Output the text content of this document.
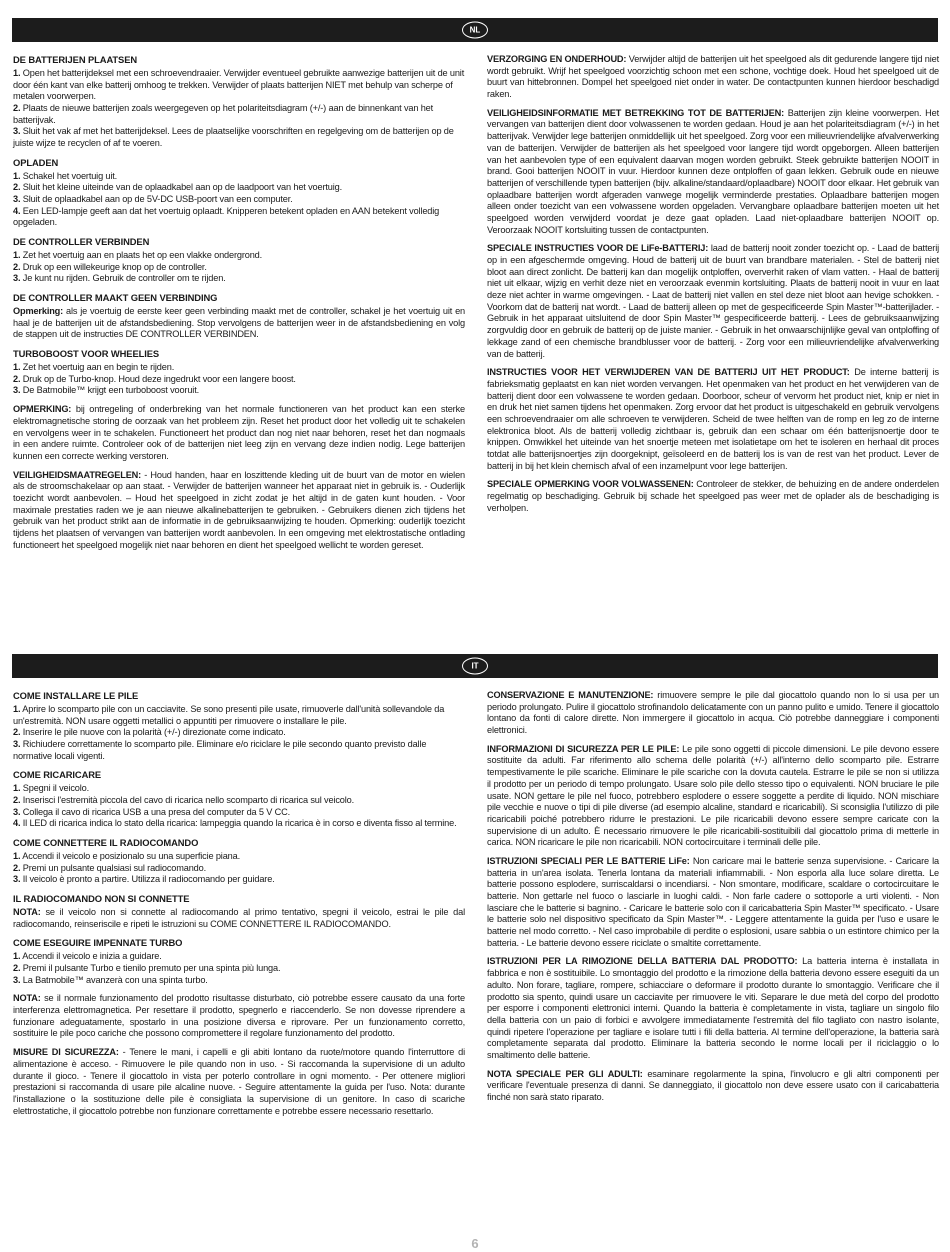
NL
DE BATTERIJEN PLAATSEN
1. Open het batterijdeksel met een schroevendraaier. Verwijder eventueel gebruikte aanwezige batterijen uit de unit door één kant van elke batterij omhoog te trekken. Verwijder of plaats batterijen NIET met behulp van scherpe of metalen voorwerpen.
2. Plaats de nieuwe batterijen zoals weergegeven op het polariteitsdiagram (+/-) aan de binnenkant van het batterijvak.
3. Sluit het vak af met het batterijdeksel. Lees de plaatselijke voorschriften en regelgeving om de batterijen op de juiste wijze te recyclen of af te voeren.
OPLADEN
1. Schakel het voertuig uit.
2. Sluit het kleine uiteinde van de oplaadkabel aan op de laadpoort van het voertuig.
3. Sluit de oplaadkabel aan op de 5V-DC USB-poort van een computer.
4. Een LED-lampje geeft aan dat het voertuig oplaadt. Knipperen betekent opladen en AAN betekent volledig opgeladen.
DE CONTROLLER VERBINDEN
1. Zet het voertuig aan en plaats het op een vlakke ondergrond.
2. Druk op een willekeurige knop op de controller.
3. Je kunt nu rijden. Gebruik de controller om te rijden.
DE CONTROLLER MAAKT GEEN VERBINDING

Opmerking: als je voertuig de eerste keer geen verbinding maakt met de controller, schakel je het voertuig uit en haal je de batterijen uit de afstandsbediening. Stop vervolgens de batterijen weer in de afstandsbediening en volg de stappen uit de instructies DE CONTROLLER VERBINDEN.

TURBOBOOST VOOR WHEELIES
1. Zet het voertuig aan en begin te rijden.
2. Druk op de Turbo-knop. Houd deze ingedrukt voor een langere boost.
3. De Batmobile™ krijgt een turboboost vooruit.

OPMERKING: bij ontregeling of onderbreking van het normale functioneren van het product kan een sterke elektromagnetische storing de oorzaak van het probleem zijn. Reset het product door het volledig uit te schakelen en vervolgens weer in te schakelen. Functioneert het product dan nog niet naar behoren, reset het dan nogmaals in een andere ruimte. Controleer ook of de batterijen niet leeg zijn en vervang deze indien nodig. Lege batterijen kunnen een correcte werking verstoren.

VEILIGHEIDSMAATREGELEN: - Houd handen, haar en loszittende kleding uit de buurt van de motor en wielen als de stroomschakelaar op aan staat. - Verwijder de batterijen wanneer het apparaat niet in gebruik is. - Ouderlijk toezicht wordt aanbevolen. – Houd het speelgoed in zicht zodat je het altijd in de gaten kunt houden. - Voor maximale prestaties raden we je aan nieuwe alkalinebatterijen te gebruiken. - Gebruikers dienen zich tijdens het gebruik van het product strikt aan de informatie in de gebruiksaanwijzing te houden. Opmerking: ouderlijk toezicht tijdens het plaatsen of vervangen van batterijen wordt aanbevolen. In een omgeving met elektrostatische ontlading functioneert het speelgoed mogelijk niet naar behoren en dient het speelgoed wellicht te worden gereset.

VERZORGING EN ONDERHOUD: Verwijder altijd de batterijen uit het speelgoed als dit gedurende langere tijd niet wordt gebruikt. Wrijf het speelgoed voorzichtig schoon met een schone, vochtige doek. Houd het speelgoed uit de buurt van hittebronnen. Dompel het speelgoed niet onder in water. De contactpunten kunnen hierdoor beschadigd raken.

VEILIGHEIDSINFORMATIE MET BETREKKING TOT DE BATTERIJEN: Batterijen zijn kleine voorwerpen. Het vervangen van batterijen dient door volwassenen te worden gedaan. Houd je aan het polariteitsdiagram (+/-) in het batterijvak. Verwijder lege batterijen onmiddellijk uit het speelgoed. Zorg voor een milieuvriendelijke afvalverwerking van de batterijen. Verwijder de batterijen als het speelgoed voor langere tijd wordt opgeborgen. Alleen batterijen van het aanbevolen type of een equivalent daarvan mogen worden gebruikt. Steek gebruikte batterijen NOOIT in brand. Gooi batterijen NOOIT in vuur. Hierdoor kunnen deze ontploffen of gaan lekken. Gebruik oude en nieuwe batterijen of verschillende typen batterijen (bijv. alkaline/standaard/oplaadbare) NOOIT door elkaar. Het gebruik van oplaadbare batterijen wordt afgeraden vanwege mogelijk verminderde prestaties. Oplaadbare batterijen mogen alleen onder toezicht van een volwassene worden opgeladen. Vervangbare oplaadbare batterijen moeten uit het speelgoed worden verwijderd voordat je deze gaat opladen. Laad niet-oplaadbare batterijen NOOIT op. Veroorzaak NOOIT kortsluiting tussen de contactpunten.

SPECIALE INSTRUCTIES VOOR DE LiFe-BATTERIJ: laad de batterij nooit zonder toezicht op. - Laad de batterij op in een afgeschermde omgeving. Houd de batterij uit de buurt van brandbare materialen. - Stel de batterij niet bloot aan direct zonlicht. De batterij kan dan mogelijk ontploffen, oververhit raken of vlam vatten. - Haal de batterij niet uit elkaar, wijzig en verhit deze niet en veroorzaak evenmin kortsluiting. Plaats de batterij nooit in vuur en laat deze niet achter in warme omgevingen. - Laat de batterij niet vallen en stel deze niet bloot aan hevige schokken. - Voorkom dat de batterij nat wordt. - Laad de batterij alleen op met de gespecificeerde Spin Master™-batterijlader. - Gebruik in het apparaat uitsluitend de door Spin Master™ gespecificeerde batterij. - Lees de gebruiksaanwijzing zorgvuldig door en gebruik de batterij op de juiste manier. - Gebruik in het onwaarschijnlijke geval van ontploffing of lekkage zand of een chemische brandblusser voor de batterij. - Zorg voor een milieuvriendelijke afvalverwerking van de batterij.

INSTRUCTIES VOOR HET VERWIJDEREN VAN DE BATTERIJ UIT HET PRODUCT: De interne batterij is fabrieksmatig geplaatst en kan niet worden vervangen. Het openmaken van het product en het verwijderen van de batterij dient door een volwassene te worden gedaan. Doorboor, scheur of vervorm het product niet, knip er niet in en druk het niet samen tijdens het openmaken. Zorg ervoor dat het product is uitgeschakeld en gebruik vervolgens een schroevendraaier om alle schroeven te verwijderen. Scheid de twee helften van de romp en leg zo de interne elektronica bloot. Als de batterij volledig zichtbaar is, gebruik dan een schaar om één batterijsnoertje door te knippen. Omwikkel het uiteinde van het snoertje meteen met isolatietape om het te isoleren en herhaal dit proces totdat alle batterijsnoertjes zijn doorgeknipt, geïsoleerd en de batterij los is van de rest van het product. Lever de batterij in bij het klein chemisch afval of een inzamelpunt voor lege batterijen.

SPECIALE OPMERKING VOOR VOLWASSENEN: Controleer de stekker, de behuizing en de andere onderdelen regelmatig op beschadiging. Gebruik bij schade het speelgoed pas weer met de oplader als de beschadiging is verholpen.

IT
COME INSTALLARE LE PILE
1. Aprire lo scomparto pile con un cacciavite. Se sono presenti pile usate, rimuoverle dall'unità sollevandole da un'estremità. NON usare oggetti metallici o appuntiti per rimuovere o installare le pile.
2. Inserire le pile nuove con la polarità (+/-) direzionate come indicato.
3. Richiudere correttamente lo scomparto pile. Eliminare e/o riciclare le pile secondo quanto previsto dalle normative locali vigenti.
COME RICARICARE
1. Spegni il veicolo.
2. Inserisci l'estremità piccola del cavo di ricarica nello scomparto di ricarica sul veicolo.
3. Collega il cavo di ricarica USB a una presa del computer da 5 V CC.
4. Il LED di ricarica indica lo stato della ricarica: lampeggia quando la ricarica è in corso e diventa fisso al termine.
COME CONNETTERE IL RADIOCOMANDO
1. Accendi il veicolo e posizionalo su una superficie piana.
2. Premi un pulsante qualsiasi sul radiocomando.
3. Il veicolo è pronto a partire. Utilizza il radiocomando per guidare.
IL RADIOCOMANDO NON SI CONNETTE

NOTA: se il veicolo non si connette al radiocomando al primo tentativo, spegni il veicolo, estrai le pile dal radiocomando, reinseriscile e ripeti le istruzioni su COME CONNETTERE IL RADIOCOMANDO.

COME ESEGUIRE IMPENNATE TURBO
1. Accendi il veicolo e inizia a guidare.
2. Premi il pulsante Turbo e tienilo premuto per una spinta più lunga.
3. La Batmobile™ avanzerà con una spinta turbo.

NOTA: se il normale funzionamento del prodotto risultasse disturbato, ciò potrebbe essere causato da una forte interferenza elettromagnetica. Per resettare il prodotto, spegnerlo e riaccenderlo. Se non dovesse riprendere a funzionare adeguatamente, spostarlo in una posizione diversa e riprovare. Per un funzionamento corretto, sostituire le pile poco cariche che possono compromettere il regolare funzionamento del prodotto.

MISURE DI SICUREZZA: - Tenere le mani, i capelli e gli abiti lontano da ruote/motore quando l'interruttore di alimentazione è acceso. - Rimuovere le pile quando non in uso. - Si raccomanda la supervisione di un adulto durante il gioco. - Tenere il giocattolo in vista per poterlo controllare in ogni momento. - Per ottenere migliori prestazioni si raccomanda di usare pile alcaline nuove. - Seguire attentamente la guida per l'uso. Nota: durante l'installazione o la sostituzione delle pile è consigliata la supervisione di un genitore. In caso di scariche elettrostatiche, il giocattolo potrebbe non funzionare correttamente e potrebbe essere necessario resettarlo.

CONSERVAZIONE E MANUTENZIONE: rimuovere sempre le pile dal giocattolo quando non lo si usa per un periodo prolungato. Pulire il giocattolo strofinandolo delicatamente con un panno pulito e umido. Tenere il giocattolo lontano da fonti di calore dirette. Non immergere il giocattolo in acqua. Ciò potrebbe danneggiare i componenti elettronici.

INFORMAZIONI DI SICUREZZA PER LE PILE: Le pile sono oggetti di piccole dimensioni. Le pile devono essere sostituite da adulti. Far riferimento allo schema delle polarità (+/-) all'interno dello scomparto pile. Estrarre tempestivamente le pile scariche. Eliminare le pile scariche con la dovuta cautela. Estrarre le pile se non si utilizza il prodotto per un periodo di tempo prolungato. Usare solo pile dello stesso tipo o equivalenti. NON bruciare le pile usate. NON gettare le pile nel fuoco, potrebbero esplodere o essere soggette a perdite di liquido. NON mischiare pile vecchie e nuove o tipi di pile diverse (ad esempio alcaline, standard e ricaricabili). Si sconsiglia l'utilizzo di pile ricaricabili poiché potrebbero ridurre le prestazioni. Le pile ricaricabili devono essere sempre caricate con la supervisione di un adulto. È necessario rimuovere le pile ricaricabili-sostituibili dal giocattolo prima di metterle in carica. NON ricaricare le pile non ricaricabili. NON cortocircuitare i terminali delle pile.

ISTRUZIONI SPECIALI PER LE BATTERIE LiFe: Non caricare mai le batterie senza supervisione. - Caricare la batteria in un'area isolata. Tenerla lontana da materiali infiammabili. - Non esporla alla luce solare diretta. Le batterie possono esplodere, surriscaldarsi o incendiarsi. - Non smontare, modificare, scaldare o cortocircuitare le batterie. Non gettarle nel fuoco o lasciarle in luoghi caldi. - Non farle cadere o sottoporle a urti violenti. - Non lasciare che le batterie si bagnino. - Caricare le batterie solo con il caricabatteria Spin Master™ specificato. - Usare le batterie solo nel dispositivo specificato da Spin Master™. - Leggere attentamente la guida per l'uso e usare le batterie nel modo corretto. - Nel caso improbabile di perdite o esplosioni, usare sabbia o un estintore chimico per la batteria. - Le batterie devono essere riciclate o smaltite correttamente.

ISTRUZIONI PER LA RIMOZIONE DELLA BATTERIA DAL PRODOTTO: La batteria interna è installata in fabbrica e non è sostituibile. Lo smontaggio del prodotto e la rimozione della batteria devono essere eseguiti da un adulto. Non forare, tagliare, rompere, schiacciare o deformare il prodotto durante lo smontaggio. Verificare che il prodotto sia spento, quindi usare un cacciavite per rimuovere le viti. Separare le due metà del corpo del prodotto per esporre i componenti elettronici interni. Quando la batteria è completamente in vista, tagliare un singolo filo della batteria con un paio di forbici e avvolgere immediatamente l'estremità del filo tagliato con nastro isolante, quindi ripetere l'operazione per tagliare e isolare tutti i fili della batteria. Al termine dell'operazione, la batteria sarà completamente separata dal prodotto. Eliminare la batteria secondo le norme locali per il riciclaggio o lo smaltimento delle batterie.

NOTA SPECIALE PER GLI ADULTI: esaminare regolarmente la spina, l'involucro e gli altri componenti per verificare l'eventuale presenza di danni. Se danneggiato, il giocattolo non deve essere usato con il caricabatteria finché non sarà stato riparato.

6
